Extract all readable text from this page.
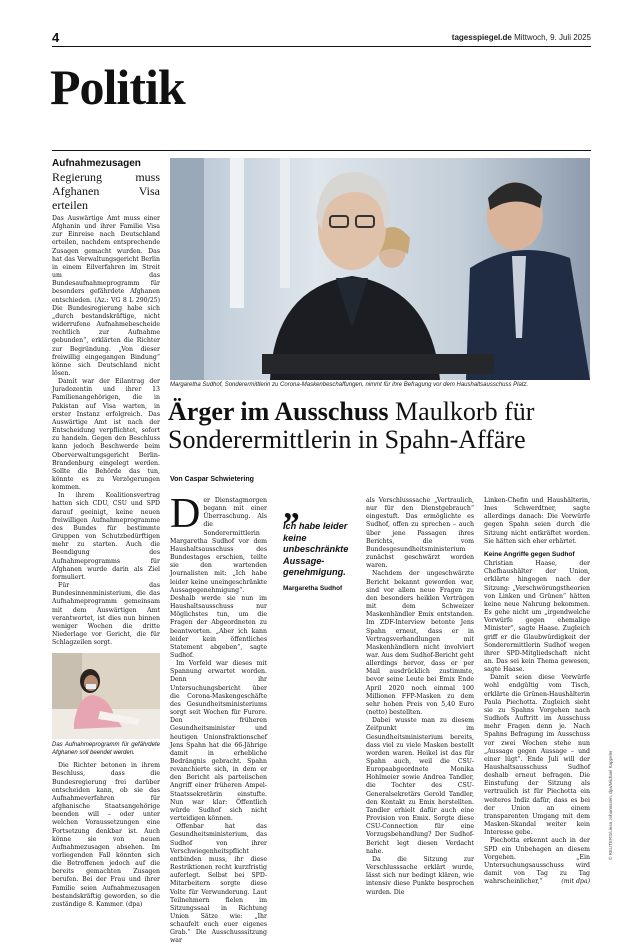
4	tagesspiegel.de Mittwoch, 9. Juli 2025
Politik
Aufnahmezusagen
Regierung muss Afghanen Visa erteilen

Das Auswärtige Amt muss einer Afghanin und ihrer Familie Visa zur Einreise nach Deutschland erteilen, nachdem entsprechende Zusagen gemacht wurden. Das hat das Verwaltungsgericht Berlin in einem Eilverfahren im Streit um das Bundesaufnahmeprogramm für besonders gefährdete Afghanen entschieden. (Az.: VG 8 L 290/25) Die Bundesregierung habe sich „durch bestandskräftige, nicht widerrufene Aufnahmebescheide rechtlich zur Aufnahme gebunden“, erklärten die Richter zur Begründung. „Von dieser freiwillig eingegangen Bindung“ könne sich Deutschland nicht lösen.

Damit war der Eilantrag der Juradozentin und ihrer 13 Familienangehörigen, die in Pakistan auf Visa warten, in erster Instanz erfolgreich. Das Auswärtige Amt ist nach der Entscheidung verpflichtet, sofort zu handeln. Gegen den Beschluss kann jedoch Beschwerde beim Oberverwaltungsgericht Berlin-Brandenburg eingelegt werden. Sollte die Behörde das tun, könnte es zu Verzögerungen kommen.

In ihrem Koalitionsvertrag hatten sich CDU, CSU und SPD darauf geeinigt, keine neuen freiwilligen Aufnahmeprogramme des Bundes für bestimmte Gruppen von Schutzbedürftigen mehr zu starten. Auch die Beendigung des Aufnahmeprogramms für Afghanen wurde darin als Ziel formuliert.

Für das Bundesinnenministerium, die das Aufnahmeprogramm gemeinsam mit dem Auswärtigen Amt verantwortet, ist dies nun binnen weniger Wochen die dritte Niederlage vor Gericht, die für Schlagzeilen sorgt.

Das Aufnahmeprogramm für gefährdete Afghanen soll beendet werden.

Die Richter betonen in ihrem Beschluss, dass die Bundesregierung frei darüber entscheiden kann, ob sie das Aufnahmeverfahren für afghanische Staatsangehörige beenden will – oder unter welchen Voraussetzungen eine Fortsetzung denkbar ist. Auch könne sie von neuen Aufnahmezusagen absehen. Im vorliegenden Fall könnten sich die Betroffenen jedoch auf die bereits gemachten Zusagen berufen. Bei der Frau und ihrer Familie seien Aufnahmezusagen bestandskräftig geworden, so die zuständige 8. Kammer. (dpa)

Margaretha Sudhof, Sonderermittlerin zu Corona-Maskenbeschaffungen, nimmt für ihre Befragung vor dem Haushaltsausschuss Platz.
Ärger im Ausschuss Maulkorb für Sonderermittlerin in Spahn-Affäre
Von Caspar Schwietering
D er Dienstagmorgen begann mit einer Überraschung. Als die Sonderermittlerin Margaretha Sudhof vor dem Haushaltsausschuss des Bundestages erschien, teilte sie den wartenden Journalisten mit: „Ich habe leider keine uneingeschränkte Aussagegenehmigung“. Deshalb werde sie nun im Haushaltsausschuss nur Möglichstes tun, um die Fragen der Abgeordneten zu beantworten. „Aber ich kann leider kein öffentliches Statement abgeben“, sagte Sudhof.

Im Vorfeld war dieses mit Spannung erwartet worden. Denn ihr Untersuchungsbericht über die Corona-Maskengeschäfte des Gesundheitsministeriums sorgt seit Wochen für Furore. Den früheren Gesundheitsminister und heutigen Unionsfraktionschef Jens Spahn hat die 66-Jährige damit in erhebliche Bedrängnis gebracht. Spahn revanchierte sich, in dem er den Bericht als parteiischen Angriff einer früheren Ampel-Staatssekretärin einstufte. Nun war klar: Öffentlich würde Sudhof sich nicht verteidigen können.

Offenbar hat das Gesundheitsministerium, das Sudhof von ihrer Verschwiegenheitspflicht entbinden muss, ihr diese Restriktionen recht kurzfristig auferlegt. Selbst bei SPD-Mitarbeitern sorgte diese Volte für Verwunderung. Laut Teilnehmern fielen im Sitzungssaal in Richtung Union Sätze wie: „Ihr schaufelt euch euer eigenes Grab.“ Die Ausschusssitzung war

„
Ich habe leider keine unbeschränkte Aussage-genehmigung.
Margaretha Sudhof

als Verschlusssache „Vertraulich, nur für den Dienstgebrauch“ eingestuft. Das ermöglichte es Sudhof, offen zu sprechen – auch über jene Passagen ihres Berichts, die vom Bundesgesundheitsministerium zunächst geschwärzt worden waren.

Nachdem der ungeschwärzte Bericht bekannt geworden war, sind vor allem neue Fragen zu den besonders heiklen Verträgen mit dem Schweizer Maskenhändler Emix entstanden. Im ZDF-Interview betonte Jens Spahn erneut, dass er in Vertragsverhandlungen mit Maskenhändlern nicht involviert war. Aus dem Sudhof-Bericht geht allerdings hervor, dass er per Mail ausdrücklich zustimmte, bevor seine Leute bei Emix Ende April 2020 noch einmal 100 Millionen FFP-Masken zu dem sehr hohen Preis von 5,40 Euro (netto) bestellten.

Dabei wusste man zu diesem Zeitpunkt im Gesundheitsministerium bereits, dass viel zu viele Masken bestellt worden waren. Heikel ist das für Spahn auch, weil die CSU-Europaabgeordnete Monika Hohlmeier sowie Andrea Tandler, die Tochter des CSU-Generalsekretärs Gerold Tandler, den Kontakt zu Emix herstellten. Tandler erhielt dafür auch eine Provision von Emix. Sorgte diese CSU-Connection für eine Vorzugsbehandlung? Der Sudhof-Bericht legt diesen Verdacht nahe.

Da die Sitzung zur Verschlusssache erklärt wurde, lässt sich nur bedingt klären, wie intensiv diese Punkte besprochen wurden. Die

Linken-Chefin und Haushälterin, Ines Schwerdtner, sagte allerdings danach: Die Vorwürfe gegen Spahn seien durch die Sitzung nicht entkräftet worden. Sie hätten sich eher erhärtet.

Keine Angriffe gegen Sudhof

Christian Haase, der Chefhaushälter der Union, erklärte hingegen nach der Sitzung: „Verschwörungstheorien von Linken und Grünen“ hätten keine neue Nahrung bekommen. Es gehe nicht um „irgendwelche Vorwürfe gegen ehemalige Minister“, sagte Haase. Zugleich griff er die Glaubwürdigkeit der Sonderermittlerin Sudhof wegen ihrer SPD-Mitgliedschaft nicht an. Das sei kein Thema gewesen, sagte Haase.

Damit seien diese Vorwürfe wohl endgültig vom Tisch, erklärte die Grünen-Haushälterin Paula Piechotta. Zugleich sieht sie zu Spahns Vorgehen nach Sudhofs Auftritt im Ausschuss mehr Fragen denn je. Nach Spahns Befragung im Ausschuss vor zwei Wochen stehe nun „Aussage gegen Aussage – und einer lügt“. Ende Juli will der Haushaltsausschuss Sudhof deshalb erneut befragen. Die Einstufung der Sitzung als vertraulich ist für Piechotta ein weiteres Indiz dafür, dass es bei der Union an einem transparenten Umgang mit dem Masken-Skandal weiter kein Interesse gebe.

Piechotta erkennt auch in der SPD ein Unbehagen an diesem Vorgehen. „Ein Untersuchungsausschuss wird damit von Tag zu Tag wahrscheinlicher,“	(mit dpa)

© REUTERS/Liesa Johannssen, dpa/Michael Kappeler
